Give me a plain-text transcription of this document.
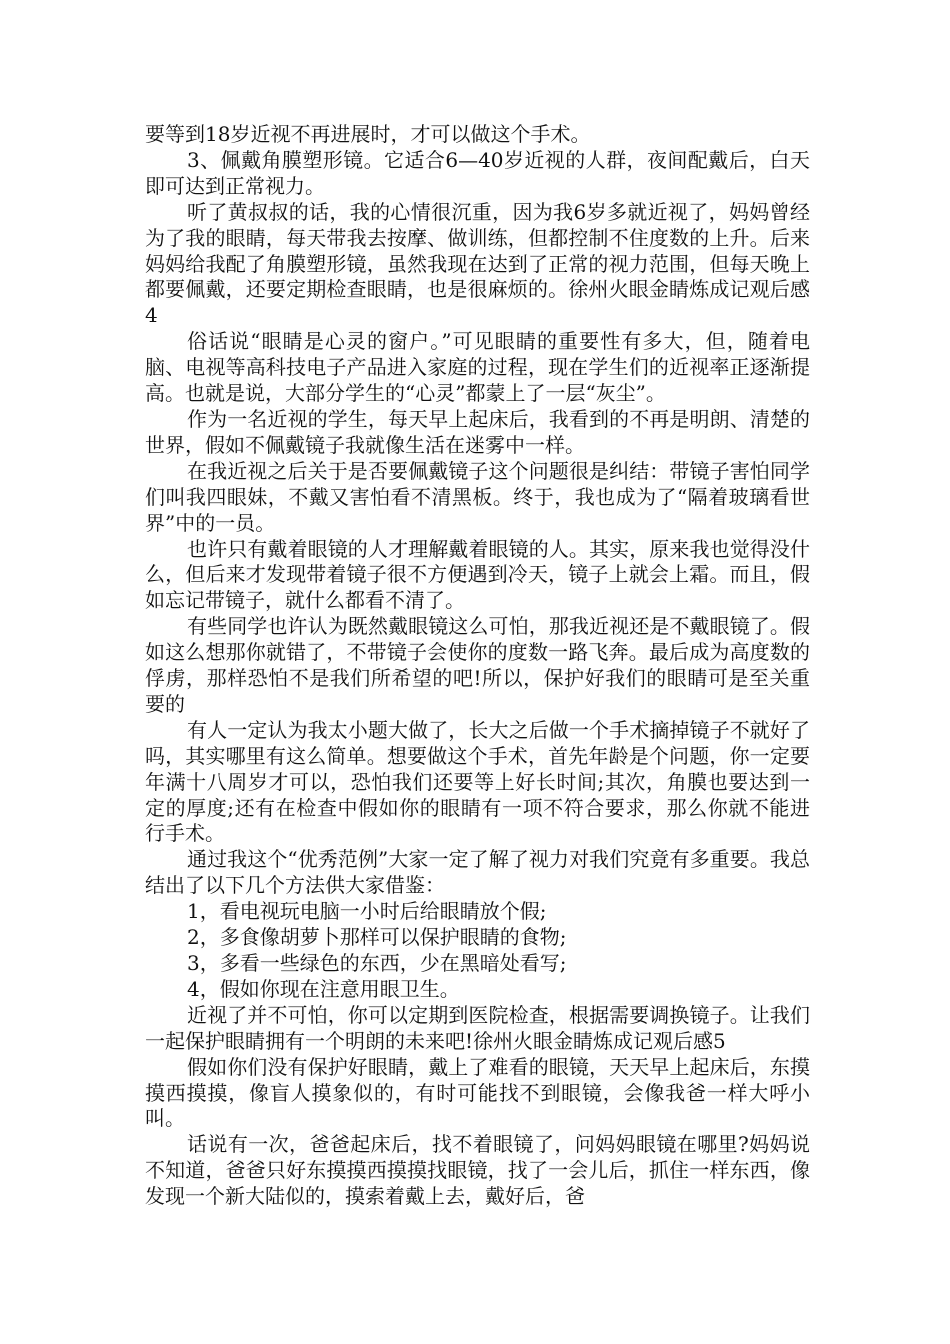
要等到18岁近视不再进展时，才可以做这个手术。

3、佩戴角膜塑形镜。它适合6—40岁近视的人群，夜间配戴后，白天即可达到正常视力。

听了黄叔叔的话，我的心情很沉重，因为我6岁多就近视了，妈妈曾经为了我的眼睛，每天带我去按摩、做训练，但都控制不住度数的上升。后来妈妈给我配了角膜塑形镜，虽然我现在达到了正常的视力范围，但每天晚上都要佩戴，还要定期检查眼睛，也是很麻烦的。徐州火眼金睛炼成记观后感4

俗话说“眼睛是心灵的窗户。”可见眼睛的重要性有多大，但，随着电脑、电视等高科技电子产品进入家庭的过程，现在学生们的近视率正逐渐提高。也就是说，大部分学生的“心灵”都蒙上了一层“灰尘”。

作为一名近视的学生，每天早上起床后，我看到的不再是明朗、清楚的世界，假如不佩戴镜子我就像生活在迷雾中一样。

在我近视之后关于是否要佩戴镜子这个问题很是纠结：带镜子害怕同学们叫我四眼妹，不戴又害怕看不清黑板。终于，我也成为了“隔着玻璃看世界”中的一员。

也许只有戴着眼镜的人才理解戴着眼镜的人。其实，原来我也觉得没什么，但后来才发现带着镜子很不方便遇到冷天，镜子上就会上霜。而且，假如忘记带镜子，就什么都看不清了。

有些同学也许认为既然戴眼镜这么可怕，那我近视还是不戴眼镜了。假如这么想那你就错了，不带镜子会使你的度数一路飞奔。最后成为高度数的俘虏，那样恐怕不是我们所希望的吧!所以，保护好我们的眼睛可是至关重要的

有人一定认为我太小题大做了，长大之后做一个手术摘掉镜子不就好了吗，其实哪里有这么简单。想要做这个手术，首先年龄是个问题，你一定要年满十八周岁才可以，恐怕我们还要等上好长时间;其次，角膜也要达到一定的厚度;还有在检查中假如你的眼睛有一项不符合要求，那么你就不能进行手术。

通过我这个“优秀范例”大家一定了解了视力对我们究竟有多重要。我总结出了以下几个方法供大家借鉴：

1，看电视玩电脑一小时后给眼睛放个假;

2，多食像胡萝卜那样可以保护眼睛的食物;

3，多看一些绿色的东西，少在黑暗处看写;

4，假如你现在注意用眼卫生。

近视了并不可怕，你可以定期到医院检查，根据需要调换镜子。让我们一起保护眼睛拥有一个明朗的未来吧!徐州火眼金睛炼成记观后感5

假如你们没有保护好眼睛，戴上了难看的眼镜，天天早上起床后，东摸摸西摸摸，像盲人摸象似的，有时可能找不到眼镜，会像我爸一样大呼小叫。

话说有一次，爸爸起床后，找不着眼镜了，问妈妈眼镜在哪里?妈妈说不知道，爸爸只好东摸摸西摸摸找眼镜，找了一会儿后，抓住一样东西，像发现一个新大陆似的，摸索着戴上去，戴好后，爸
